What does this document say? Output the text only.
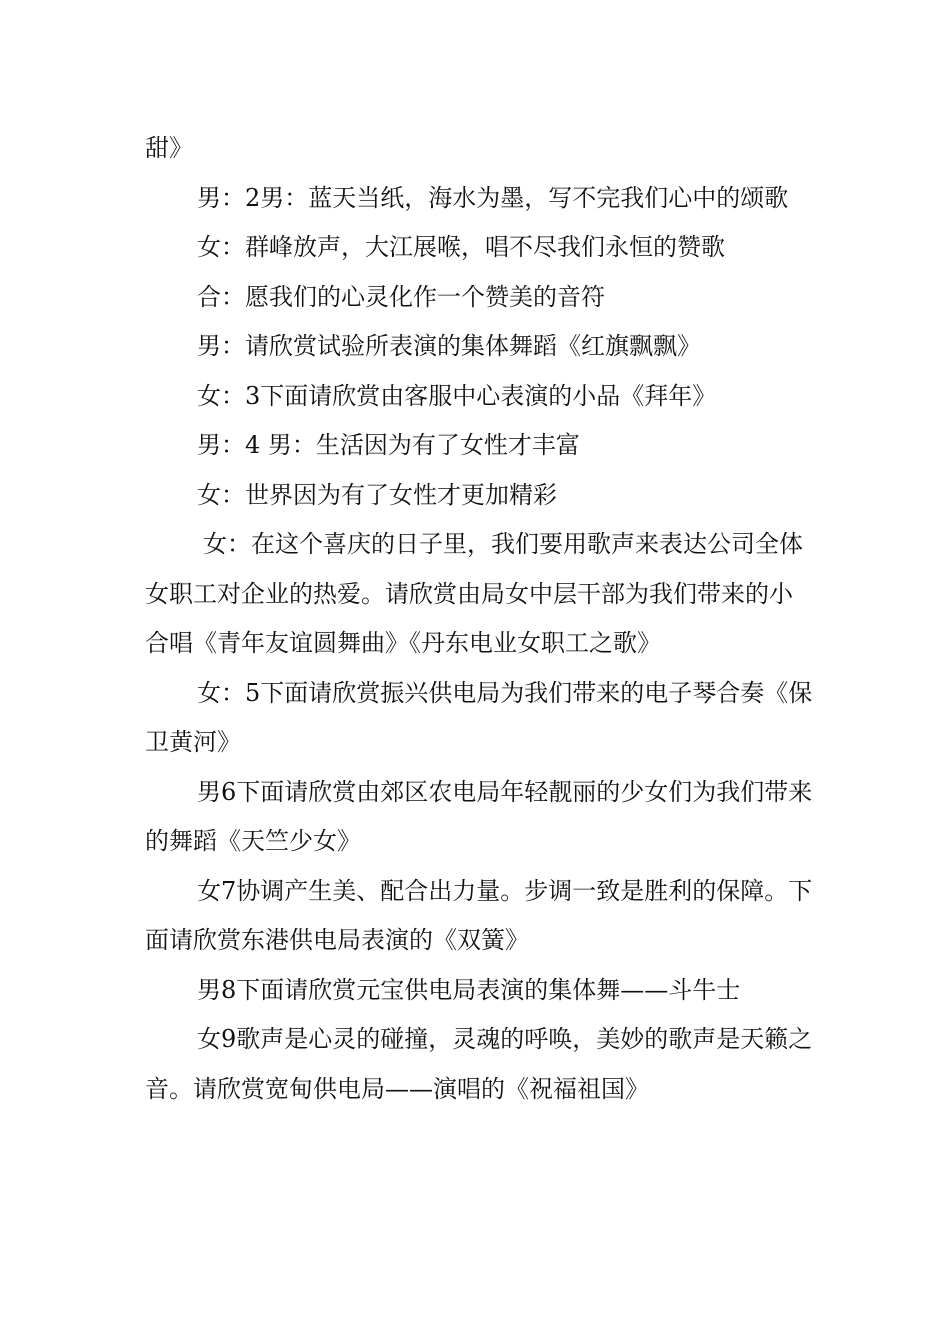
甜》

男：2男：蓝天当纸，海水为墨，写不完我们心中的颂歌

女：群峰放声，大江展喉，唱不尽我们永恒的赞歌

合：愿我们的心灵化作一个赞美的音符

男：请欣赏试验所表演的集体舞蹈《红旗飘飘》

女：3下面请欣赏由客服中心表演的小品《拜年》

男：4 男：生活因为有了女性才丰富

女：世界因为有了女性才更加精彩

女：在这个喜庆的日子里，我们要用歌声来表达公司全体女职工对企业的热爱。请欣赏由局女中层干部为我们带来的小合唱《青年友谊圆舞曲》《丹东电业女职工之歌》

女：5下面请欣赏振兴供电局为我们带来的电子琴合奏《保卫黄河》

男6下面请欣赏由郊区农电局年轻靓丽的少女们为我们带来的舞蹈《天竺少女》

女7协调产生美、配合出力量。步调一致是胜利的保障。下面请欣赏东港供电局表演的《双簧》

男8下面请欣赏元宝供电局表演的集体舞——斗牛士

女9歌声是心灵的碰撞，灵魂的呼唤，美妙的歌声是天籁之音。请欣赏宽甸供电局——演唱的《祝福祖国》
